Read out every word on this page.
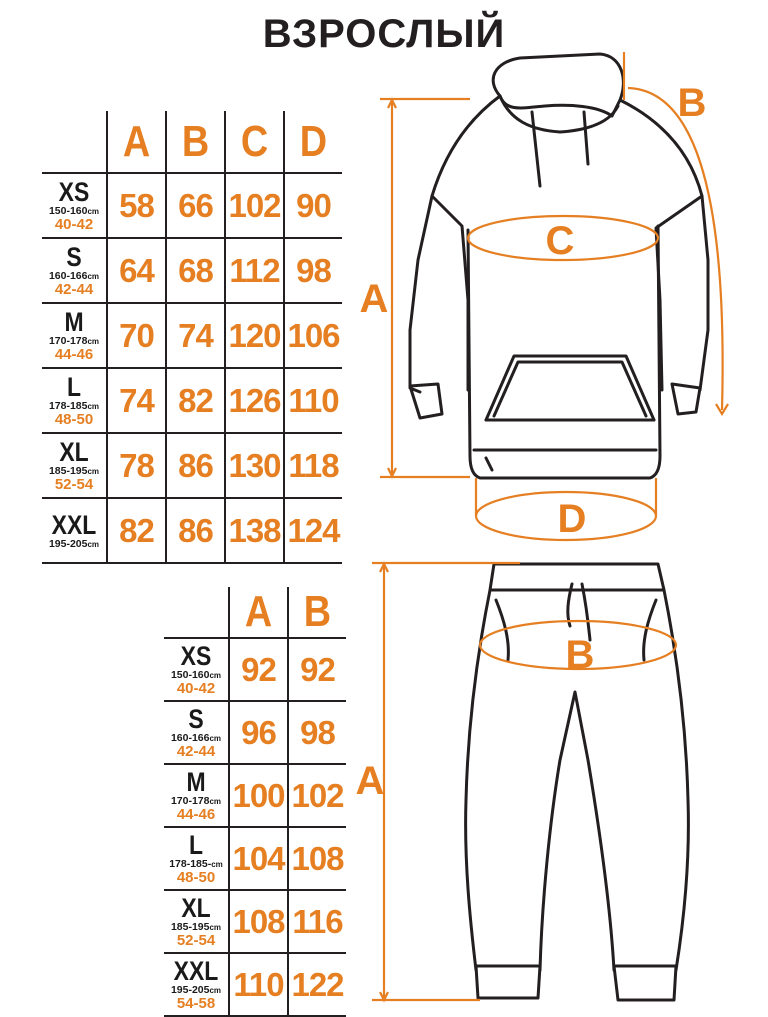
ВЗРОСЛЫЙ
	A	B	C	D

XS
150-160cm
40-42	58	66	102	90

S
160-166cm
42-44	64	68	112	98

M
170-178cm
44-46	70	74	120	106

L
178-185cm
48-50	74	82	126	110

XL
185-195cm
52-54	78	86	130	118

XXL
195-205cm	82	86	138	124
	A	B

XS
150-160cm
40-42	92	92

S
160-166cm
42-44	96	98

M
170-178cm
44-46	100	102

L
178-185-cm
48-50	104	108

XL
185-195cm
52-54	108	116

XXL
195-205cm
54-58	110	122
A
B
C
D
A
B
